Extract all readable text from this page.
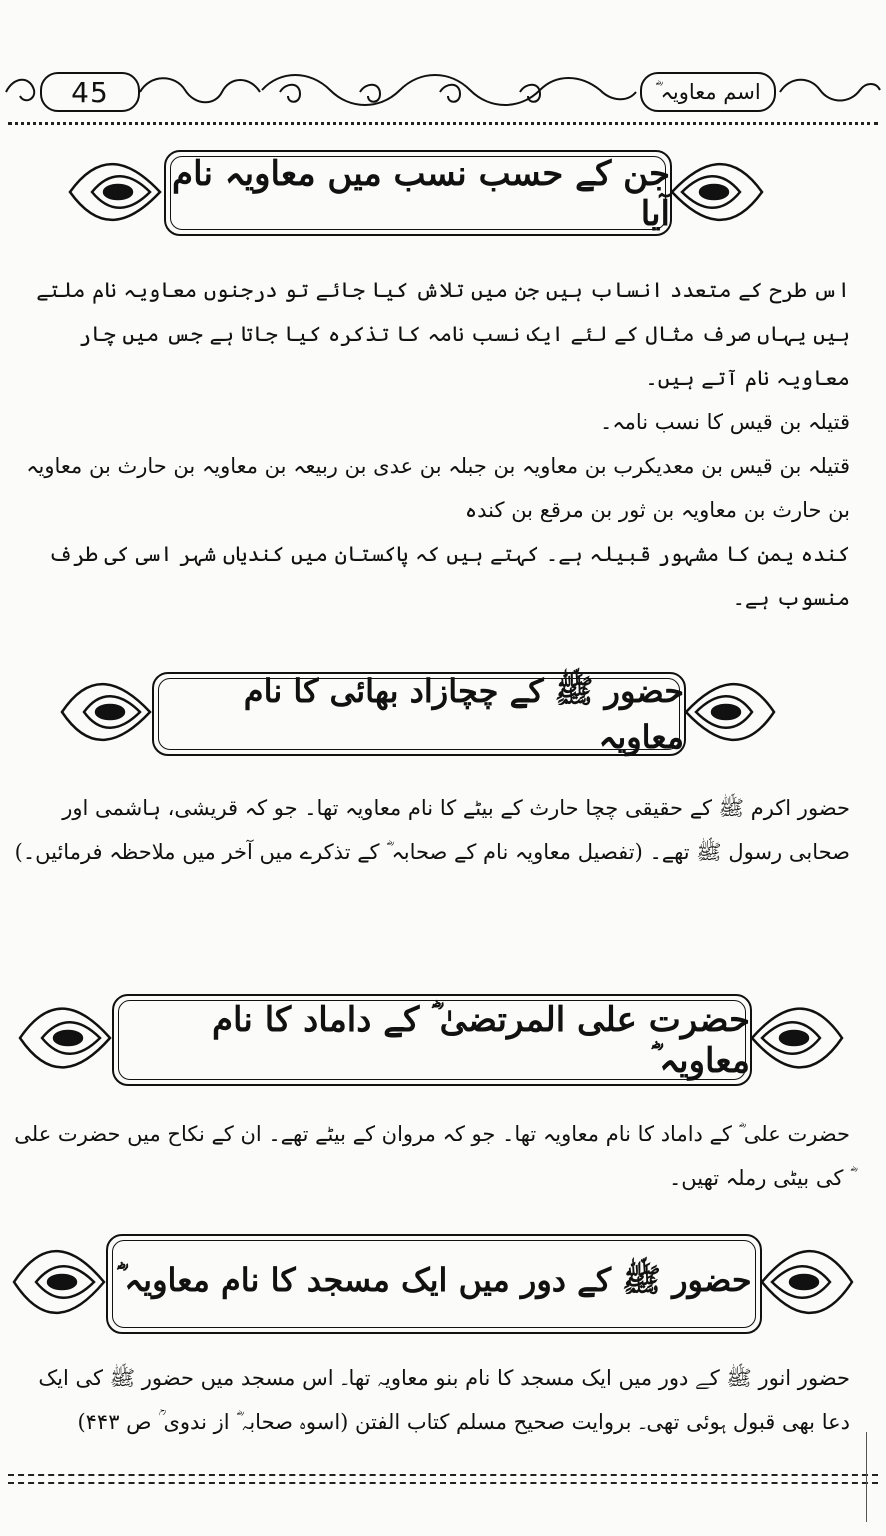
45	اسم معاویہ ؓ
جن کے حسب نسب میں معاویہ نام آیا
اس طرح کے متعدد انساب ہیں جن میں تلاش کیا جائے تو درجنوں معاویہ نام ملتے ہیں یہاں صرف مثال کے لئے ایک نسب نامہ کا تذکرہ کیا جاتا ہے جس میں چار معاویہ نام آتے ہیں۔
قتیلہ بن قیس کا نسب نامہ۔
قتیلہ بن قیس بن معدیکرب بن معاویہ بن جبلہ بن عدی بن ربیعہ بن معاویہ بن حارث بن معاویہ بن حارث بن معاویہ بن ثور بن مرقع بن کندہ
کندہ یمن کا مشہور قبیلہ ہے۔ کہتے ہیں کہ پاکستان میں کندیاں شہر اسی کی طرف منسوب ہے۔
حضور ﷺ کے چچازاد بھائی کا نام معاویہ
حضور اکرم ﷺ کے حقیقی چچا حارث کے بیٹے کا نام معاویہ تھا۔ جو کہ قریشی، ہاشمی اور صحابی رسول ﷺ تھے۔ (تفصیل معاویہ نام کے صحابہ ؓ کے تذکرے میں آخر میں ملاحظہ فرمائیں۔)
حضرت علی المرتضیٰ ؓ کے داماد کا نام معاویہ ؓ
حضرت علی ؓ کے داماد کا نام معاویہ تھا۔ جو کہ مروان کے بیٹے تھے۔ ان کے نکاح میں حضرت علی ؓ کی بیٹی رملہ تھیں۔
حضور ﷺ کے دور میں ایک مسجد کا نام معاویہ ؓ
حضور انور ﷺ کے دور میں ایک مسجد کا نام بنو معاویہ تھا۔ اس مسجد میں حضور ﷺ کی ایک دعا بھی قبول ہوئی تھی۔ بروایت صحیح مسلم کتاب الفتن (اسوہ صحابہ ؓ از ندوی ؒ ص ۴۴۳)
